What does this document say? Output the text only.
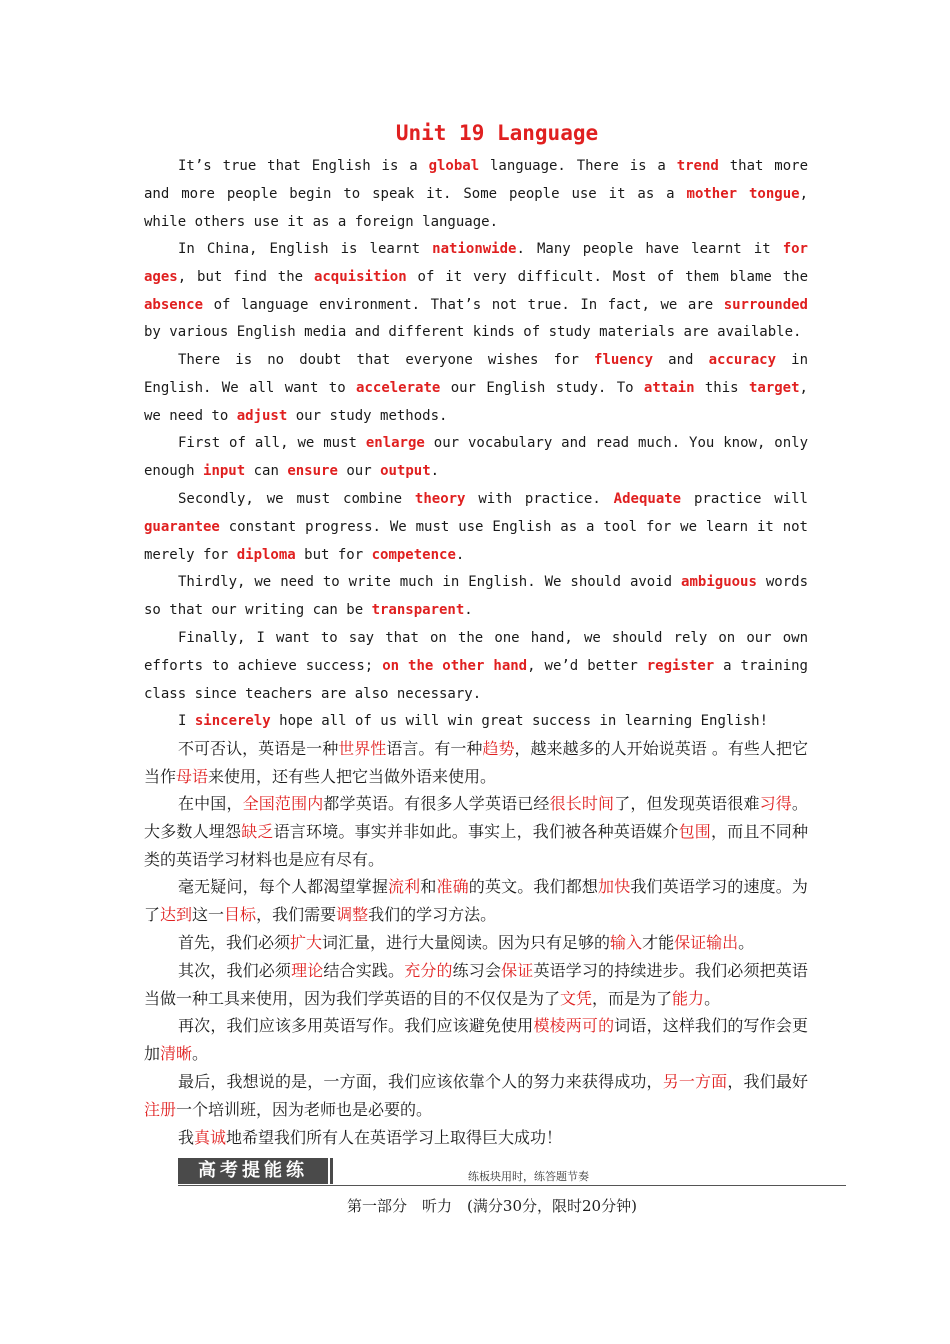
Unit 19 Language

It’s true that English is a global language. There is a trend that more and more people begin to speak it. Some people use it as a mother tongue, while others use it as a foreign language.

In China, English is learnt nationwide. Many people have learnt it for ages, but find the acquisition of it very difficult. Most of them blame the absence of language environment. That’s not true. In fact, we are surrounded by various English media and different kinds of study materials are available.

There is no doubt that everyone wishes for fluency and accuracy in English. We all want to accelerate our English study. To attain this target, we need to adjust our study methods.

First of all, we must enlarge our vocabulary and read much. You know, only enough input can ensure our output.

Secondly, we must combine theory with practice. Adequate practice will guarantee constant progress. We must use English as a tool for we learn it not merely for diploma but for competence.

Thirdly, we need to write much in English. We should avoid ambiguous words so that our writing can be transparent.

Finally, I want to say that on the one hand, we should rely on our own efforts to achieve success; on the other hand, we’d better register a training class since teachers are also necessary.

I sincerely hope all of us will win great success in learning English!

不可否认，英语是一种世界性语言。有一种趋势，越来越多的人开始说英语 。有些人把它当作母语来使用，还有些人把它当做外语来使用。

在中国，全国范围内都学英语。有很多人学英语已经很长时间了，但发现英语很难习得。大多数人埋怨缺乏语言环境。事实并非如此。事实上，我们被各种英语媒介包围，而且不同种类的英语学习材料也是应有尽有。

毫无疑问，每个人都渴望掌握流利和准确的英文。我们都想加快我们英语学习的速度。为了达到这一目标，我们需要调整我们的学习方法。

首先，我们必须扩大词汇量，进行大量阅读。因为只有足够的输入才能保证输出。

其次，我们必须理论结合实践。充分的练习会保证英语学习的持续进步。我们必须把英语当做一种工具来使用，因为我们学英语的目的不仅仅是为了文凭，而是为了能力。

再次，我们应该多用英语写作。我们应该避免使用模棱两可的词语，这样我们的写作会更加清晰。

最后，我想说的是，一方面，我们应该依靠个人的努力来获得成功，另一方面，我们最好注册一个培训班，因为老师也是必要的。

我真诚地希望我们所有人在英语学习上取得巨大成功！

高考提能练	练板块用时，练答题节奏
第一部分　听力　(满分30分，限时20分钟)
